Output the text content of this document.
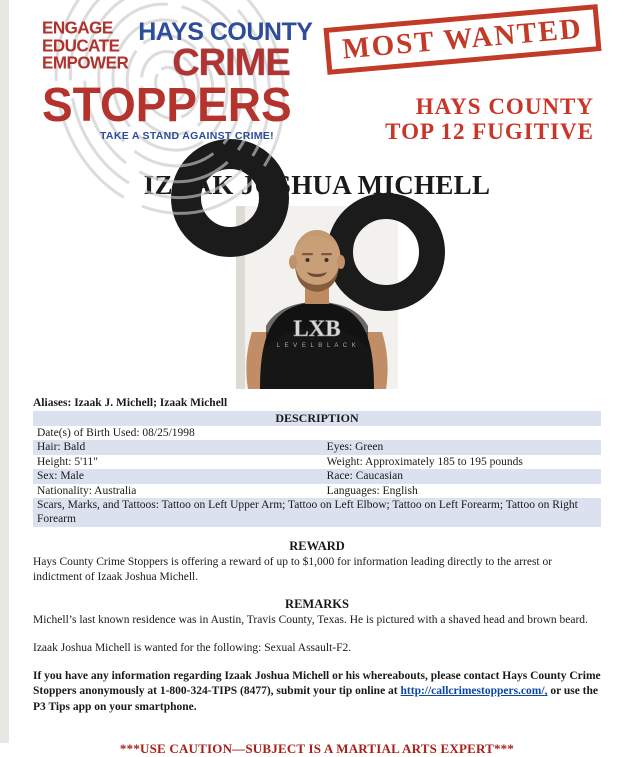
ENGAGE
EDUCATE
EMPOWER
HAYS COUNTY
CRIME
STOPPERS
TAKE A STAND AGAINST CRIME!
MOST WANTED
HAYS COUNTY
TOP 12 FUGITIVE
IZAAK JOSHUA MICHELL
LXB
L E V E L B L A C K
Aliases: Izaak J. Michell; Izaak Michell
DESCRIPTION	
Date(s) of Birth Used: 08/25/1998	
Hair: Bald	Eyes: Green
Height: 5'11"	Weight: Approximately 185 to 195 pounds
Sex: Male	Race: Caucasian
Nationality: Australia	Languages: English
Scars, Marks, and Tattoos: Tattoo on Left Upper Arm; Tattoo on Left Elbow; Tattoo on Left Forearm; Tattoo on Right Forearm	
REWARD
Hays County Crime Stoppers is offering a reward of up to $1,000 for information leading directly to the arrest or indictment of Izaak Joshua Michell.
REMARKS
Michell’s last known residence was in Austin, Travis County, Texas. He is pictured with a shaved head and brown beard.
Izaak Joshua Michell is wanted for the following: Sexual Assault-F2.
If you have any information regarding Izaak Joshua Michell or his whereabouts, please contact Hays County Crime Stoppers anonymously at 1-800-324-TIPS (8477), submit your tip online at http://callcrimestoppers.com/, or use the P3 Tips app on your smartphone.
***USE CAUTION—SUBJECT IS A MARTIAL ARTS EXPERT***
